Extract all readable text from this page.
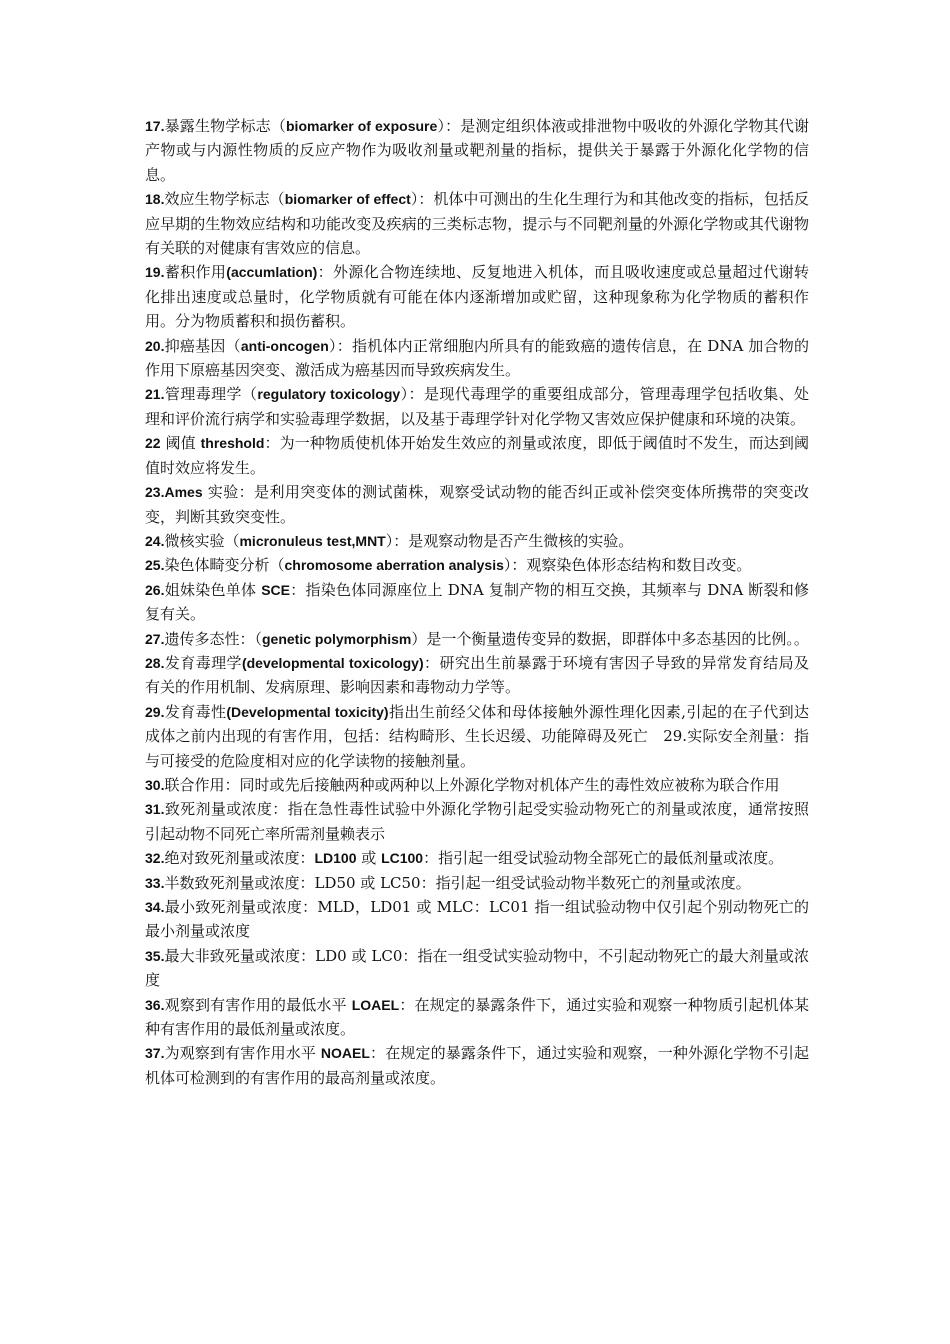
17.暴露生物学标志（biomarker of exposure）：是测定组织体液或排泄物中吸收的外源化学物其代谢产物或与内源性物质的反应产物作为吸收剂量或靶剂量的指标，提供关于暴露于外源化化学物的信息。

18.效应生物学标志（biomarker of effect）：机体中可测出的生化生理行为和其他改变的指标，包括反应早期的生物效应结构和功能改变及疾病的三类标志物，提示与不同靶剂量的外源化学物或其代谢物有关联的对健康有害效应的信息。

19.蓄积作用(accumlation)：外源化合物连续地、反复地进入机体，而且吸收速度或总量超过代谢转化排出速度或总量时，化学物质就有可能在体内逐渐增加或贮留，这种现象称为化学物质的蓄积作用。分为物质蓄积和损伤蓄积。

20.抑癌基因（anti-oncogen）：指机体内正常细胞内所具有的能致癌的遗传信息，在 DNA 加合物的作用下原癌基因突变、激活成为癌基因而导致疾病发生。

21.管理毒理学（regulatory toxicology）：是现代毒理学的重要组成部分，管理毒理学包括收集、处理和评价流行病学和实验毒理学数据，以及基于毒理学针对化学物又害效应保护健康和环境的决策。

22 阈值 threshold：为一种物质使机体开始发生效应的剂量或浓度，即低于阈值时不发生，而达到阈值时效应将发生。

23.Ames 实验：是利用突变体的测试菌株，观察受试动物的能否纠正或补偿突变体所携带的突变改变，判断其致突变性。

24.微核实验（micronuleus test,MNT）：是观察动物是否产生微核的实验。

25.染色体畸变分析（chromosome aberration analysis）：观察染色体形态结构和数目改变。

26.姐妹染色单体 SCE：指染色体同源座位上 DNA 复制产物的相互交换，其频率与 DNA 断裂和修复有关。

27.遗传多态性：（genetic polymorphism）是一个衡量遗传变异的数据，即群体中多态基因的比例。。

28.发育毒理学(developmental toxicology)：研究出生前暴露于环境有害因子导致的异常发育结局及有关的作用机制、发病原理、影响因素和毒物动力学等。

29.发育毒性(Developmental toxicity)指出生前经父体和母体接触外源性理化因素,引起的在子代到达成体之前内出现的有害作用，包括：结构畸形、生长迟缓、功能障碍及死亡　29.实际安全剂量：指与可接受的危险度相对应的化学读物的接触剂量。

30.联合作用：同时或先后接触两种或两种以上外源化学物对机体产生的毒性效应被称为联合作用

31.致死剂量或浓度：指在急性毒性试验中外源化学物引起受实验动物死亡的剂量或浓度，通常按照引起动物不同死亡率所需剂量赖表示

32.绝对致死剂量或浓度：LD100 或 LC100：指引起一组受试验动物全部死亡的最低剂量或浓度。

33.半数致死剂量或浓度：LD50 或 LC50：指引起一组受试验动物半数死亡的剂量或浓度。

34.最小致死剂量或浓度：MLD，LD01 或 MLC：LC01 指一组试验动物中仅引起个别动物死亡的最小剂量或浓度

35.最大非致死量或浓度：LD0 或 LC0：指在一组受试实验动物中，不引起动物死亡的最大剂量或浓度

36.观察到有害作用的最低水平 LOAEL：在规定的暴露条件下，通过实验和观察一种物质引起机体某种有害作用的最低剂量或浓度。

37.为观察到有害作用水平 NOAEL：在规定的暴露条件下，通过实验和观察，一种外源化学物不引起机体可检测到的有害作用的最高剂量或浓度。
